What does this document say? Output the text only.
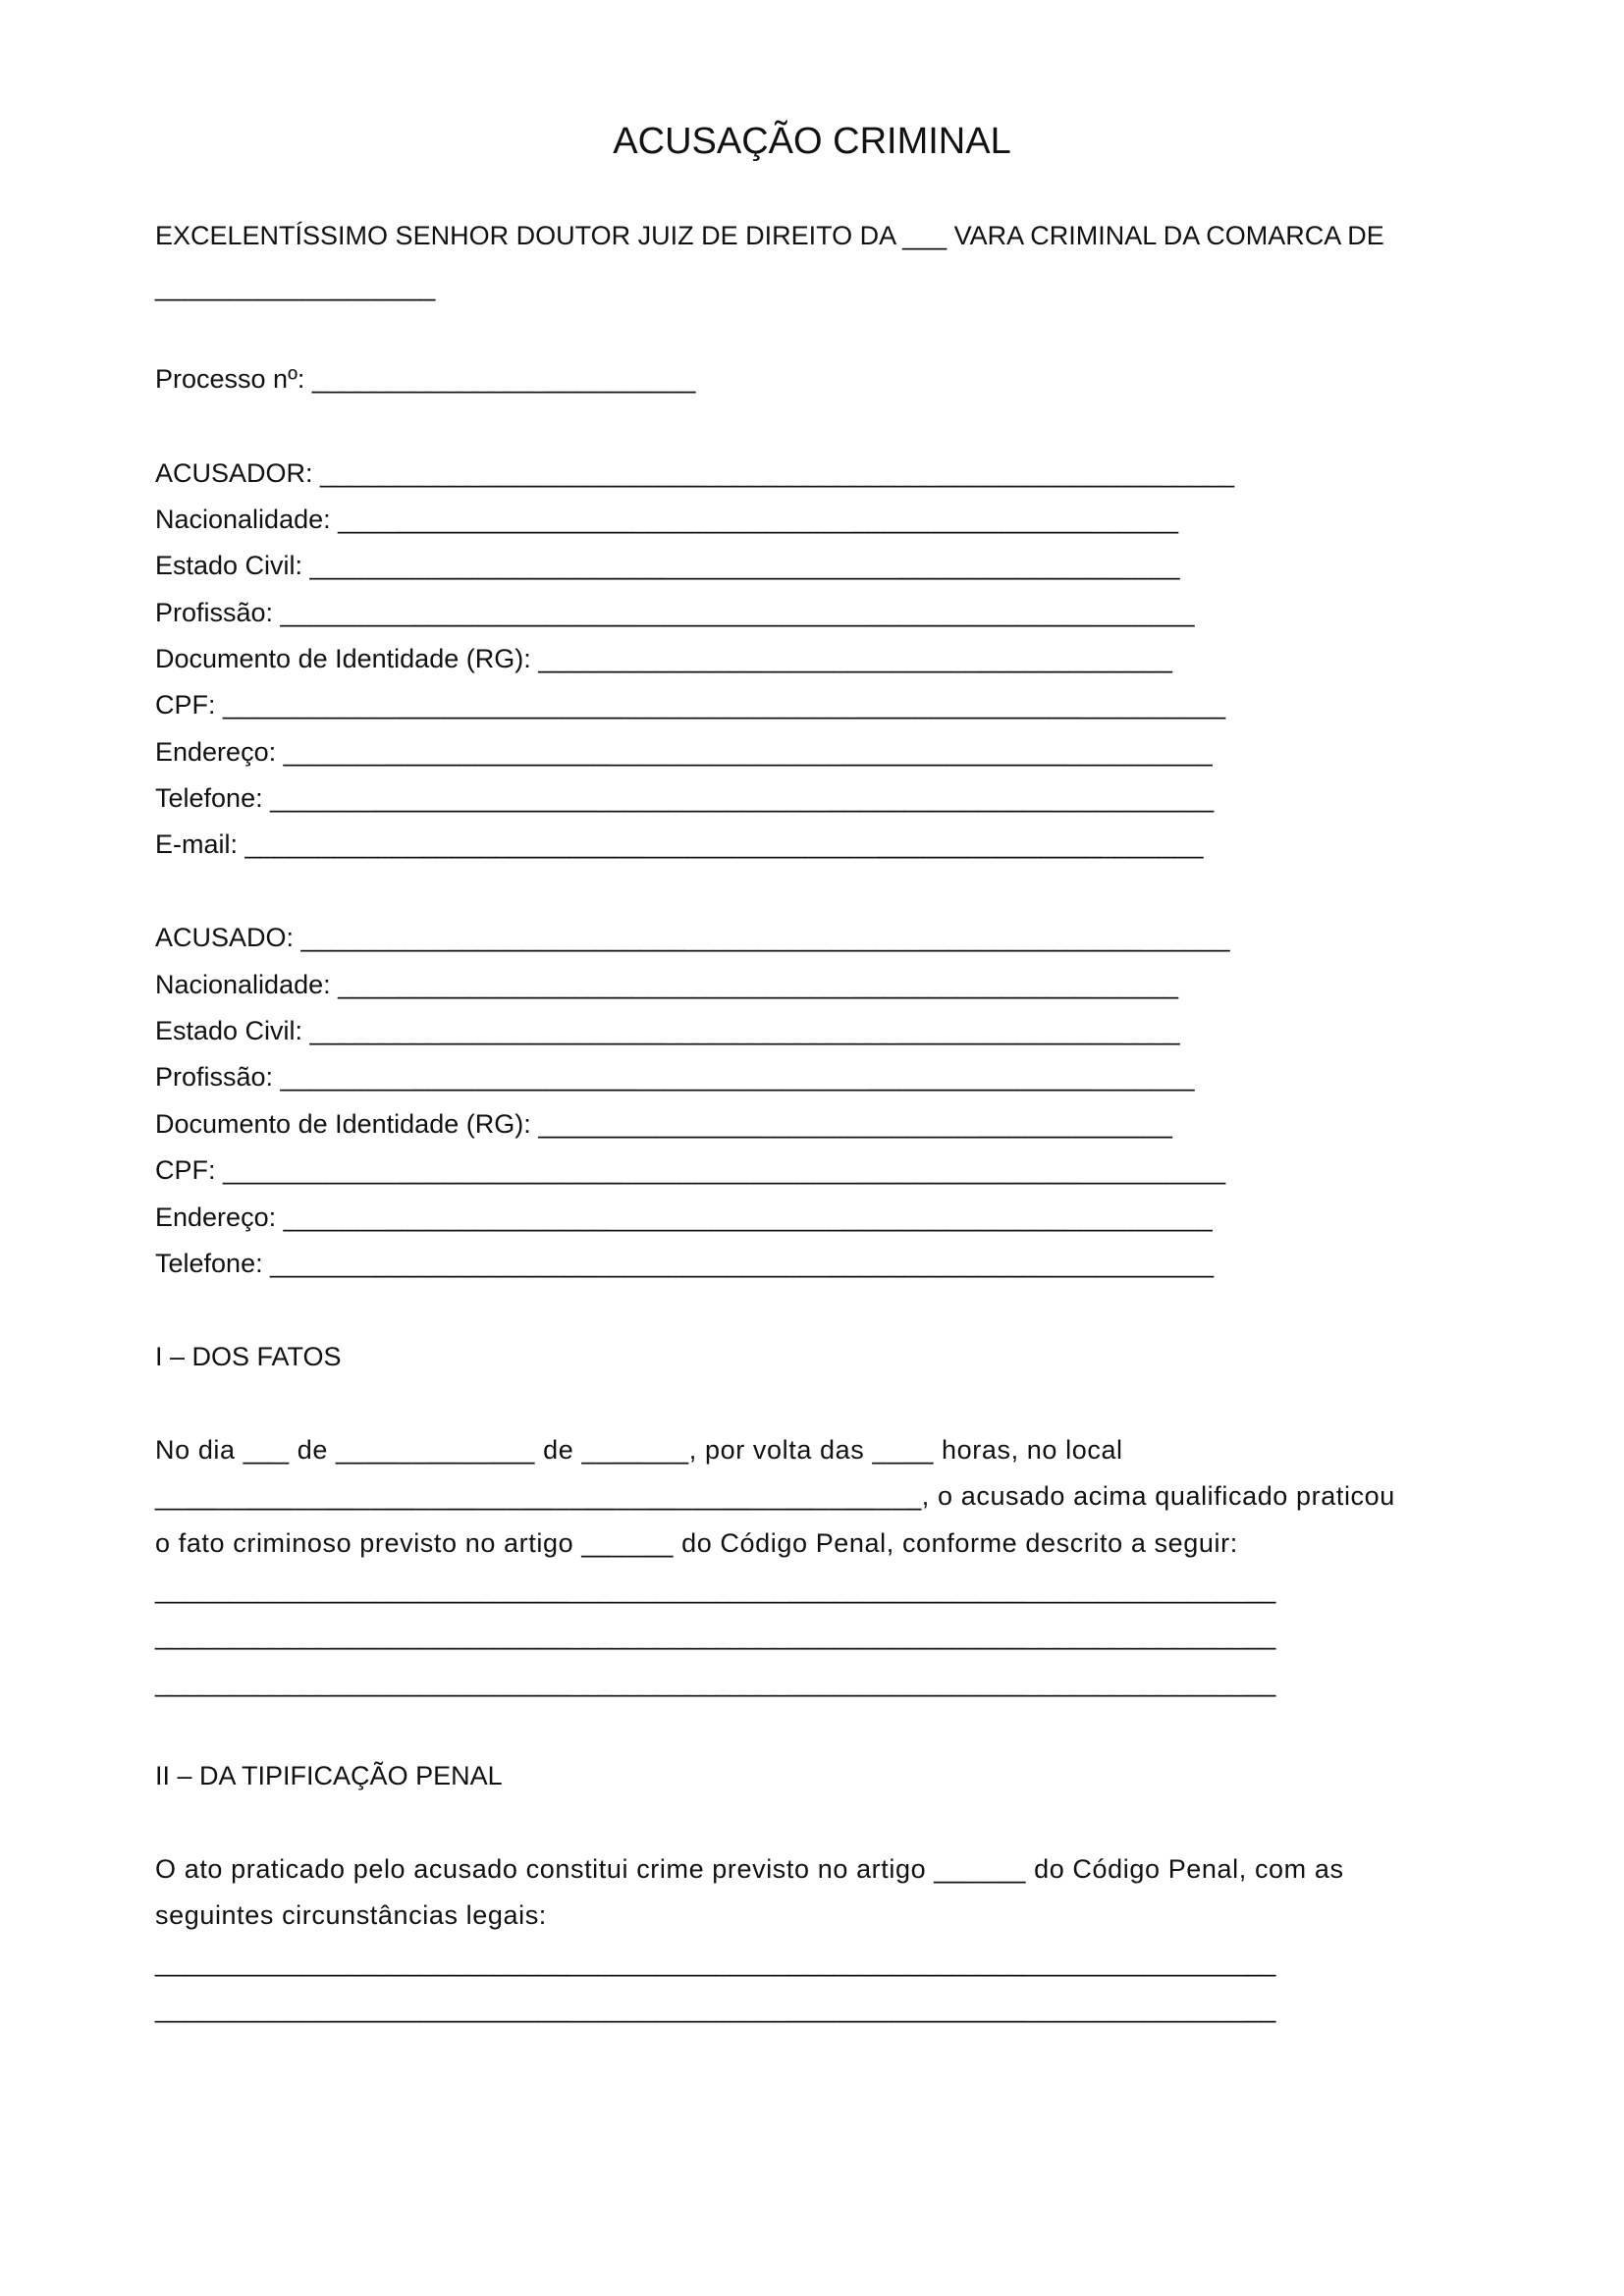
ACUSAÇÃO CRIMINAL
EXCELENTÍSSIMO SENHOR DOUTOR JUIZ DE DIREITO DA ___ VARA CRIMINAL DA COMARCA DE
___________________
Processo nº: __________________________
ACUSADOR: ______________________________________________________________
Nacionalidade: _________________________________________________________
Estado Civil: ___________________________________________________________
Profissão: ______________________________________________________________
Documento de Identidade (RG): ___________________________________________
CPF: ____________________________________________________________________
Endereço: _______________________________________________________________
Telefone: ________________________________________________________________
E-mail: _________________________________________________________________
ACUSADO: _______________________________________________________________
Nacionalidade: _________________________________________________________
Estado Civil: ___________________________________________________________
Profissão: ______________________________________________________________
Documento de Identidade (RG): ___________________________________________
CPF: ____________________________________________________________________
Endereço: _______________________________________________________________
Telefone: ________________________________________________________________
I – DOS FATOS
No dia ___ de _____________ de _______, por volta das ____ horas, no local
__________________________________________________, o acusado acima qualificado praticou
o fato criminoso previsto no artigo ______ do Código Penal, conforme descrito a seguir:
____________________________________________________________________________
____________________________________________________________________________
____________________________________________________________________________
II – DA TIPIFICAÇÃO PENAL
O ato praticado pelo acusado constitui crime previsto no artigo ______ do Código Penal, com as
seguintes circunstâncias legais:
____________________________________________________________________________
____________________________________________________________________________
